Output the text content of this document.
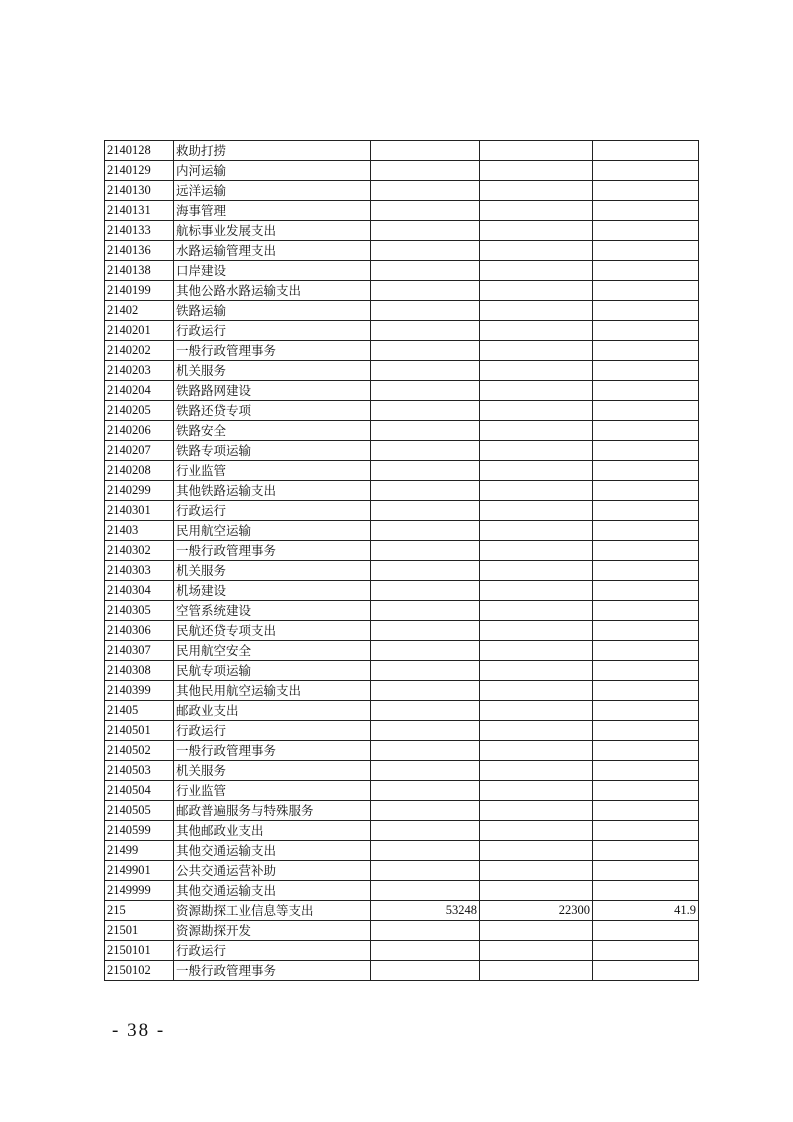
2140128	救助打捞			
2140129	内河运输			
2140130	远洋运输			
2140131	海事管理			
2140133	航标事业发展支出			
2140136	水路运输管理支出			
2140138	口岸建设			
2140199	其他公路水路运输支出			
21402	铁路运输			
2140201	行政运行			
2140202	一般行政管理事务			
2140203	机关服务			
2140204	铁路路网建设			
2140205	铁路还贷专项			
2140206	铁路安全			
2140207	铁路专项运输			
2140208	行业监管			
2140299	其他铁路运输支出			
2140301	行政运行			
21403	民用航空运输			
2140302	一般行政管理事务			
2140303	机关服务			
2140304	机场建设			
2140305	空管系统建设			
2140306	民航还贷专项支出			
2140307	民用航空安全			
2140308	民航专项运输			
2140399	其他民用航空运输支出			
21405	邮政业支出			
2140501	行政运行			
2140502	一般行政管理事务			
2140503	机关服务			
2140504	行业监管			
2140505	邮政普遍服务与特殊服务			
2140599	其他邮政业支出			
21499	其他交通运输支出			
2149901	公共交通运营补助			
2149999	其他交通运输支出			
215	资源勘探工业信息等支出	53248	22300	41.9
21501	资源勘探开发			
2150101	行政运行			
2150102	一般行政管理事务			
- 38 -
